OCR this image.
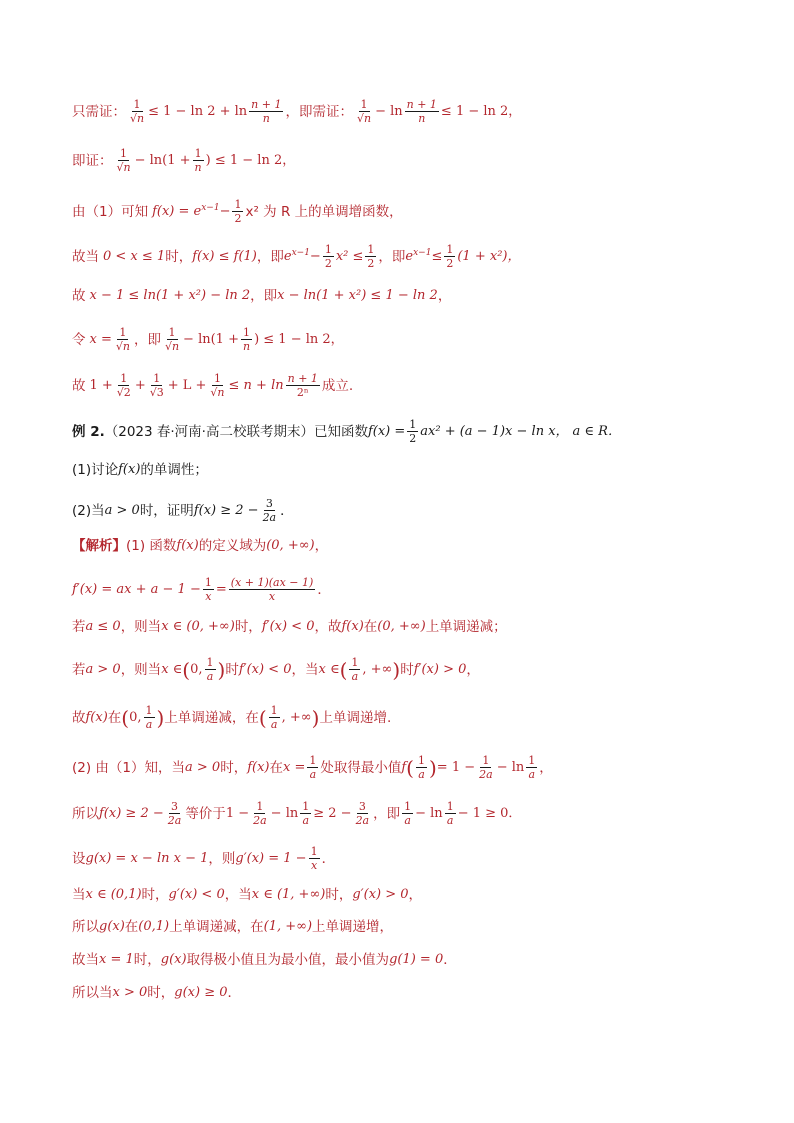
只需证： $\frac{1}{√n} \le 1 - \ln 2 + \ln \frac{n + 1}{n}$ ，即需证： $\frac{1}{√n} - \ln \frac{n + 1}{n} \le 1 - \ln 2$，
即证： $\frac{1}{√n} - \ln(1 + \frac{1}{n}$ ) ≤ 1 − ln 2，
由（1）可知 $f(x) = e^{x-1} - \frac{1}{2} x^2$ 为 R 上的单调增函数，
故当 0 < x ≤ 1 时， f(x) ≤ f(1) ，即 $e^{x-1} - \frac{1}{2} x^2 \le \frac{1}{2}$ ，即 $e^{x-1} \le \frac{1}{2} (1 + x^2)$，
故 x − 1 ≤ ln(1 + x²) − ln 2 ，即 x − ln(1 + x²) ≤ 1 − ln 2 ，
令 $x = \frac{1}{√n}$ ，即 $\frac{1}{√n} - \ln(1 + \frac{1}{n}$ ) ≤ 1 − ln 2，
故 $1 + \frac{1}{√2} + \frac{1}{√3} + L + \frac{1}{√n} \le n + \ln \frac{n + 1}{\text{2ⁿ}}$ 成立.
例 2. （2023 春·河南·高二校联考期末）已知函数 $f(x) = \frac{1}{2} ax^2 + (a - 1)x - \ln x$， a ∈ R．
(1)讨论 f(x) 的单调性；
(2)当 a > 0 时，证明 $f(x) \ge 2 - \frac{3}{2a}$ ．
【解析】 (1) 函数 f(x) 的定义域为 (0, +∞) ，
f′(x) = ax + $a - 1 - \frac{1}{x} = \frac{(x + 1)(ax - 1)}{x}$ ．
若 a ≤ 0 ，则当 x ∈ (0, +∞) 时， f′(x) < 0 ，故 f(x) 在 (0, +∞) 上单调递减；
若 a > 0 ，则当 x ∈ ( 0, $\frac{1}{a}$ ) 时 f′(x) < 0 ，当 x ∈ ( $\frac{1}{a}$ , +∞ ) 时 f′(x) > 0 ，
故 f(x) 在 ( 0, $\frac{1}{a}$ ) 上单调递减，在 ( $\frac{1}{a}$ , +∞ ) 上单调递增.
(2) 由（1）知，当 a > 0 时， f(x) 在 $x = \frac{1}{a}$ 处取得最小值 f ( $\frac{1}{a}$ ) = $1 - \frac{1}{2a} - \ln \frac{1}{a}$ ，
所以 $f(x) \ge 2 - \frac{3}{2a}$ 等价于 $1 - \frac{1}{2a} - \ln \frac{1}{a} \ge 2 - \frac{3}{2a}$ ，即 $\frac{1}{a} - \ln \frac{1}{a} - 1 \ge 0$．
设 g(x) = x − ln x − 1 ，则 $g'(x) = 1 - \frac{1}{x}$ ．
当 x ∈ (0,1) 时， g′(x) < 0 ，当 x ∈ (1, +∞) 时， g′(x) > 0 ，
所以 g(x) 在 (0,1) 上单调递减，在 (1, +∞) 上单调递增，
故当 x = 1 时， g(x) 取得极小值且为最小值，最小值为 g(1) = 0 ．
所以当 x > 0 时， g(x) ≥ 0 ．
